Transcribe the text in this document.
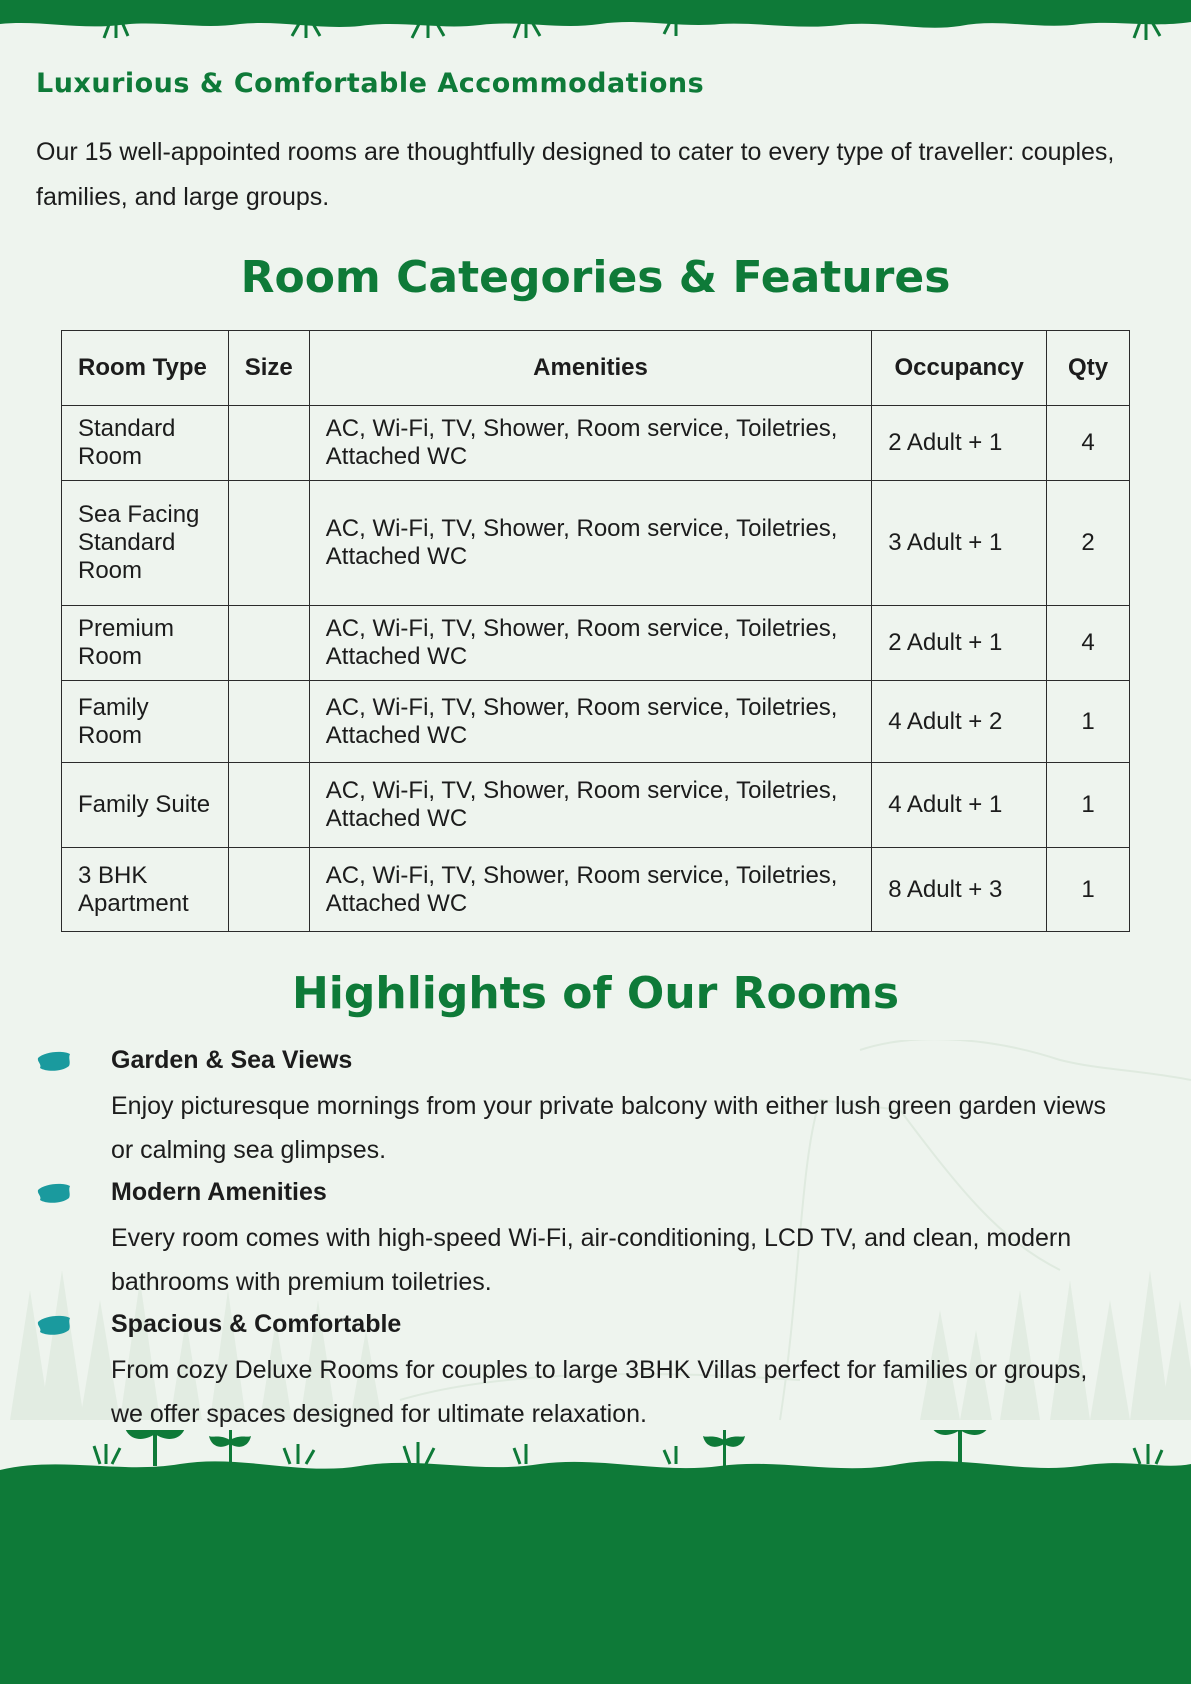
Luxurious & Comfortable Accommodations

Our 15 well-appointed rooms are thoughtfully designed to cater to every type of traveller: couples, families, and large groups.

Room Categories & Features
Room Type	Size	Amenities	Occupancy	Qty
Standard Room		AC, Wi-Fi, TV, Shower, Room service, Toiletries, Attached WC	2 Adult + 1	4
Sea Facing Standard Room		AC, Wi-Fi, TV, Shower, Room service, Toiletries, Attached WC	3 Adult + 1	2
Premium Room		AC, Wi-Fi, TV, Shower, Room service, Toiletries, Attached WC	2 Adult + 1	4
Family Room		AC, Wi-Fi, TV, Shower, Room service, Toiletries, Attached WC	4 Adult + 2	1
Family Suite		AC, Wi-Fi, TV, Shower, Room service, Toiletries, Attached WC	4 Adult + 1	1
3 BHK Apartment		AC, Wi-Fi, TV, Shower, Room service, Toiletries, Attached WC	8 Adult + 3	1
Highlights of Our Rooms
Garden & Sea Views

Enjoy picturesque mornings from your private balcony with either lush green garden views or calming sea glimpses.

Modern Amenities

Every room comes with high-speed Wi-Fi, air-conditioning, LCD TV, and clean, modern bathrooms with premium toiletries.

Spacious & Comfortable

From cozy Deluxe Rooms for couples to large 3BHK Villas perfect for families or groups, we offer spaces designed for ultimate relaxation.
